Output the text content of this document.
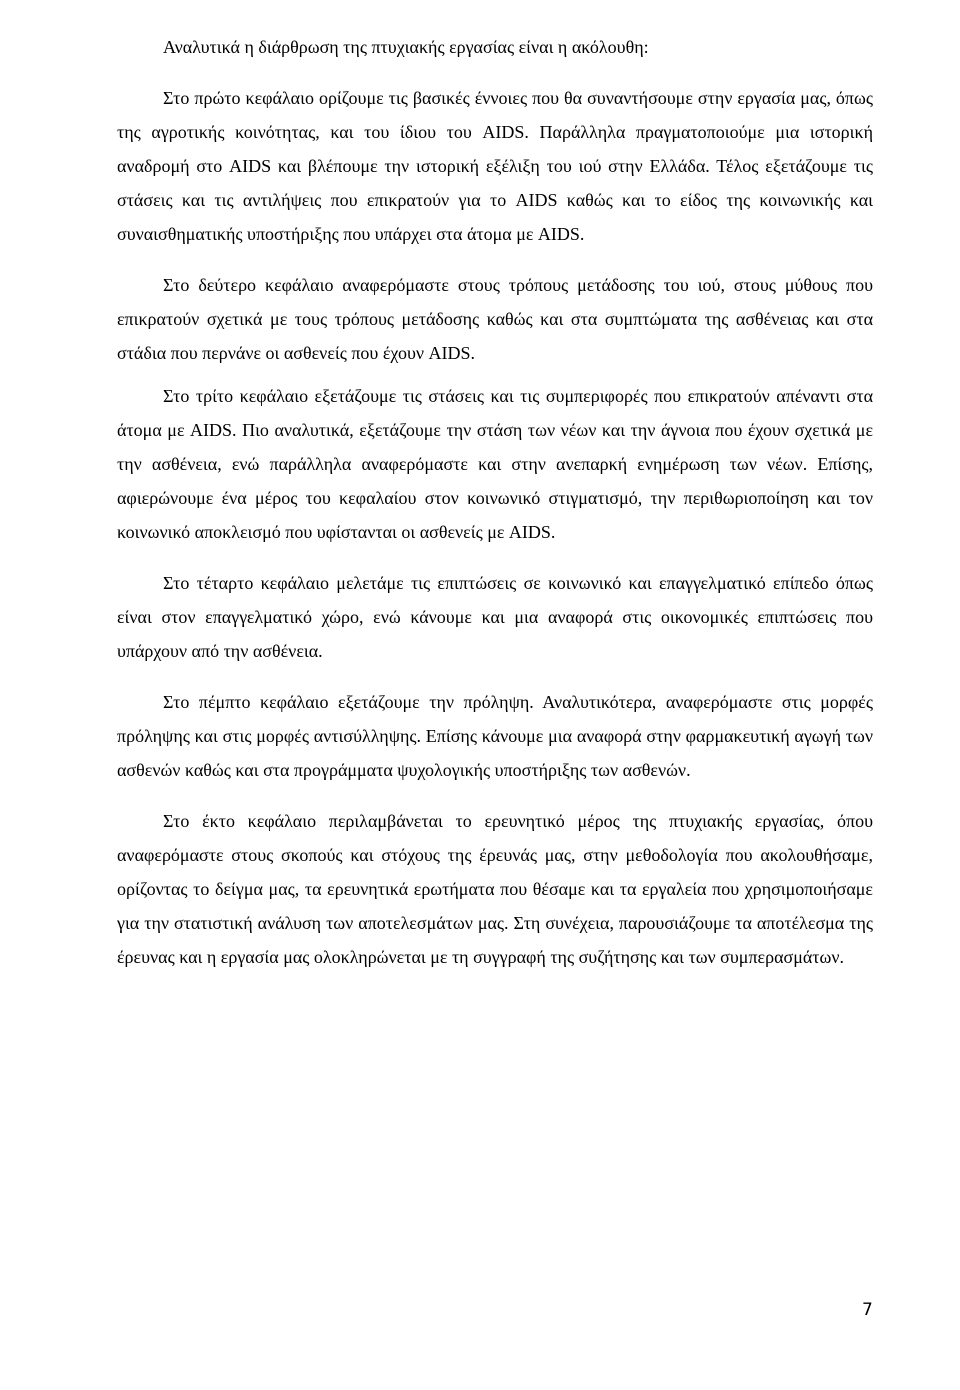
Αναλυτικά η διάρθρωση της πτυχιακής εργασίας είναι η ακόλουθη:

Στο πρώτο κεφάλαιο ορίζουμε τις βασικές έννοιες που θα συναντήσουμε στην εργασία μας, όπως της αγροτικής κοινότητας, και του ίδιου του AIDS. Παράλληλα πραγματοποιούμε μια ιστορική αναδρομή στο AIDS και βλέπουμε την ιστορική εξέλιξη του ιού στην Ελλάδα. Τέλος εξετάζουμε τις στάσεις και τις αντιλήψεις που επικρατούν για το AIDS καθώς και το είδος της κοινωνικής και συναισθηματικής υποστήριξης που υπάρχει στα άτομα με AIDS.

Στο δεύτερο κεφάλαιο αναφερόμαστε στους τρόπους μετάδοσης του ιού, στους μύθους που επικρατούν σχετικά με τους τρόπους μετάδοσης καθώς και στα συμπτώματα της ασθένειας και στα στάδια που περνάνε οι ασθενείς που έχουν AIDS.

Στο τρίτο κεφάλαιο εξετάζουμε τις στάσεις και τις συμπεριφορές που επικρατούν απέναντι στα άτομα με AIDS. Πιο αναλυτικά, εξετάζουμε την στάση των νέων και την άγνοια που έχουν σχετικά με την ασθένεια, ενώ παράλληλα αναφερόμαστε και στην ανεπαρκή ενημέρωση των νέων. Επίσης, αφιερώνουμε ένα μέρος του κεφαλαίου στον κοινωνικό στιγματισμό, την περιθωριοποίηση και τον κοινωνικό αποκλεισμό που υφίστανται οι ασθενείς με AIDS.

Στο τέταρτο κεφάλαιο μελετάμε τις επιπτώσεις σε κοινωνικό και επαγγελματικό επίπεδο όπως είναι στον επαγγελματικό χώρο, ενώ κάνουμε και μια αναφορά στις οικονομικές επιπτώσεις που υπάρχουν από την ασθένεια.

Στο πέμπτο κεφάλαιο εξετάζουμε την πρόληψη. Αναλυτικότερα, αναφερόμαστε στις μορφές πρόληψης και στις μορφές αντισύλληψης. Επίσης κάνουμε μια αναφορά στην φαρμακευτική αγωγή των ασθενών καθώς και στα προγράμματα ψυχολογικής υποστήριξης των ασθενών.

Στο έκτο κεφάλαιο περιλαμβάνεται το ερευνητικό μέρος της πτυχιακής εργασίας, όπου αναφερόμαστε στους σκοπούς και στόχους της έρευνάς μας, στην μεθοδολογία που ακολουθήσαμε, ορίζοντας το δείγμα μας, τα ερευνητικά ερωτήματα που θέσαμε και τα εργαλεία που χρησιμοποιήσαμε για την στατιστική ανάλυση των αποτελεσμάτων μας. Στη συνέχεια, παρουσιάζουμε τα αποτέλεσμα της έρευνας και η εργασία μας ολοκληρώνεται με τη συγγραφή της συζήτησης και των συμπερασμάτων.

7
